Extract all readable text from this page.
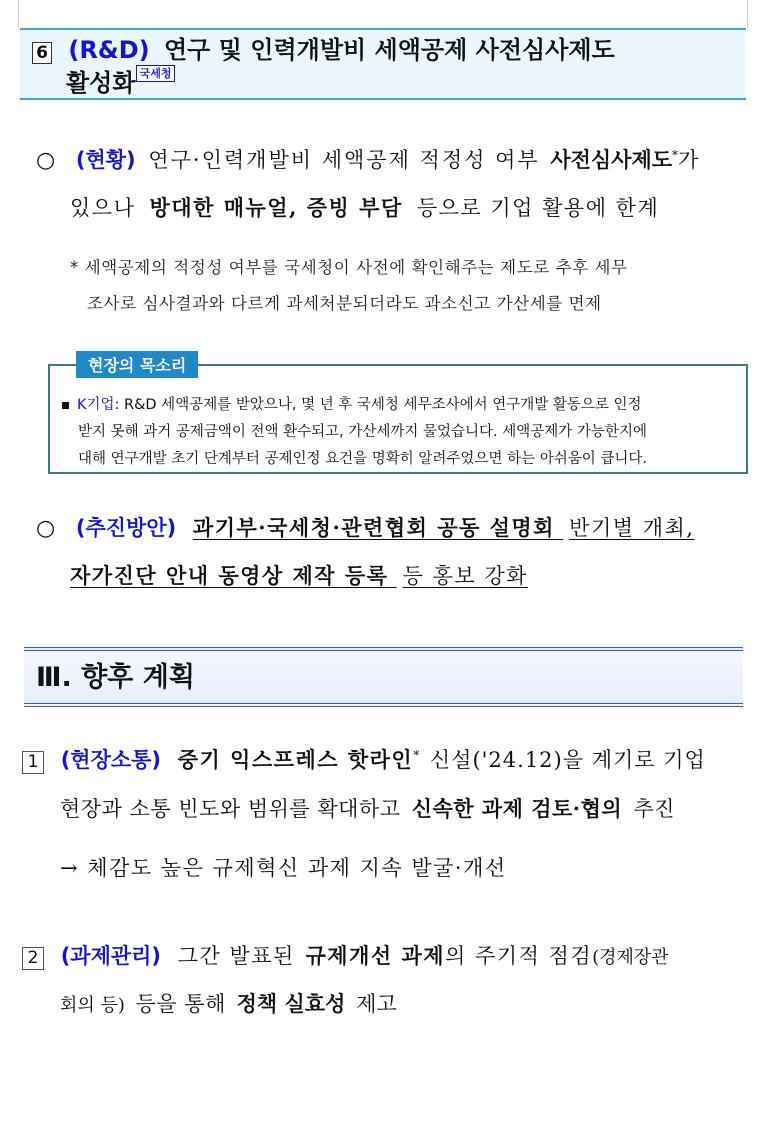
6 (R&D) 연구 및 인력개발비 세액공제 사전심사제도
활성화 국세청
○ (현황) 연구·인력개발비 세액공제 적정성 여부 사전심사제도*가
있으나 방대한 매뉴얼, 증빙 부담 등으로 기업 활용에 한계
* 세액공제의 적정성 여부를 국세청이 사전에 확인해주는 제도로 추후 세무
조사로 심사결과와 다르게 과세처분되더라도 과소신고 가산세를 면제
현장의 목소리
K기업: R&D 세액공제를 받았으나, 몇 년 후 국세청 세무조사에서 연구개발 활동으로 인정
받지 못해 과거 공제금액이 전액 환수되고, 가산세까지 물었습니다. 세액공제가 가능한지에
대해 연구개발 초기 단계부터 공제인정 요건을 명확히 알려주었으면 하는 아쉬움이 큽니다.
○ (추진방안) 과기부·국세청·관련협회 공동 설명회 반기별 개최,
자가진단 안내 동영상 제작 등록 등 홍보 강화
Ⅲ. 향후 계획
1 (현장소통) 중기 익스프레스 핫라인* 신설('24.12)을 계기로 기업
현장과 소통 빈도와 범위를 확대하고 신속한 과제 검토·협의 추진
→ 체감도 높은 규제혁신 과제 지속 발굴·개선
2 (과제관리) 그간 발표된 규제개선 과제의 주기적 점검(경제장관
회의 등) 등을 통해 정책 실효성 제고
